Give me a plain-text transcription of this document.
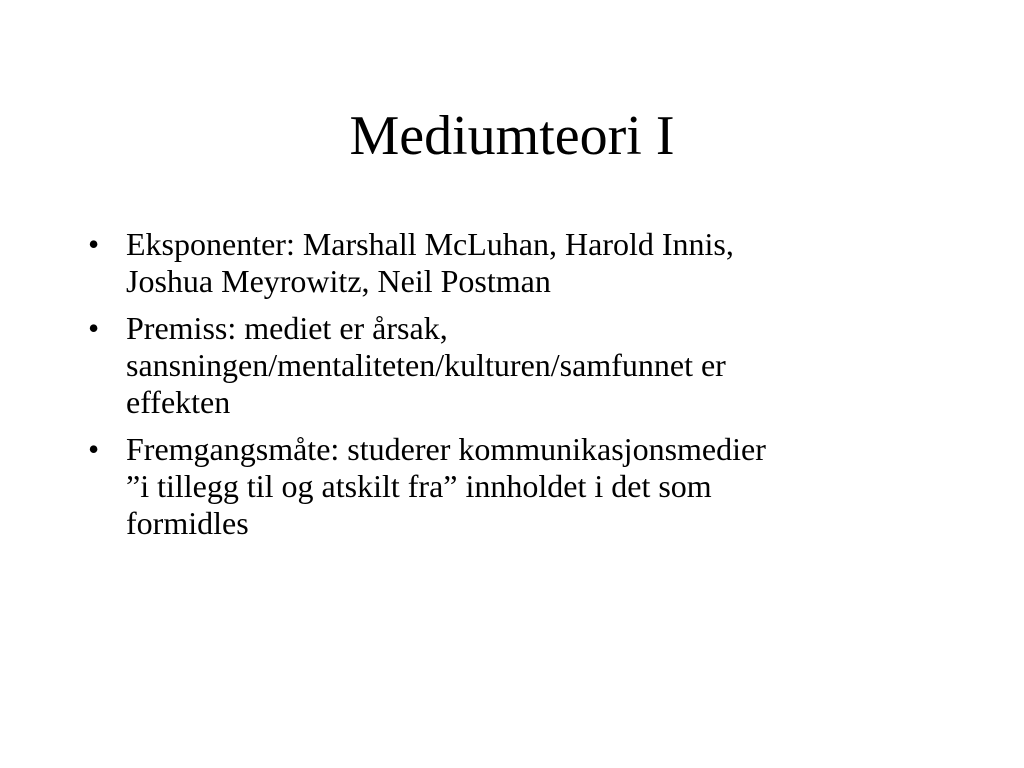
Mediumteori I
• Eksponenter: Marshall McLuhan, Harold Innis,
Joshua Meyrowitz, Neil Postman
• Premiss: mediet er årsak,
sansningen/mentaliteten/kulturen/samfunnet er
effekten
• Fremgangsmåte: studerer kommunikasjonsmedier
”i tillegg til og atskilt fra” innholdet i det som
formidles
